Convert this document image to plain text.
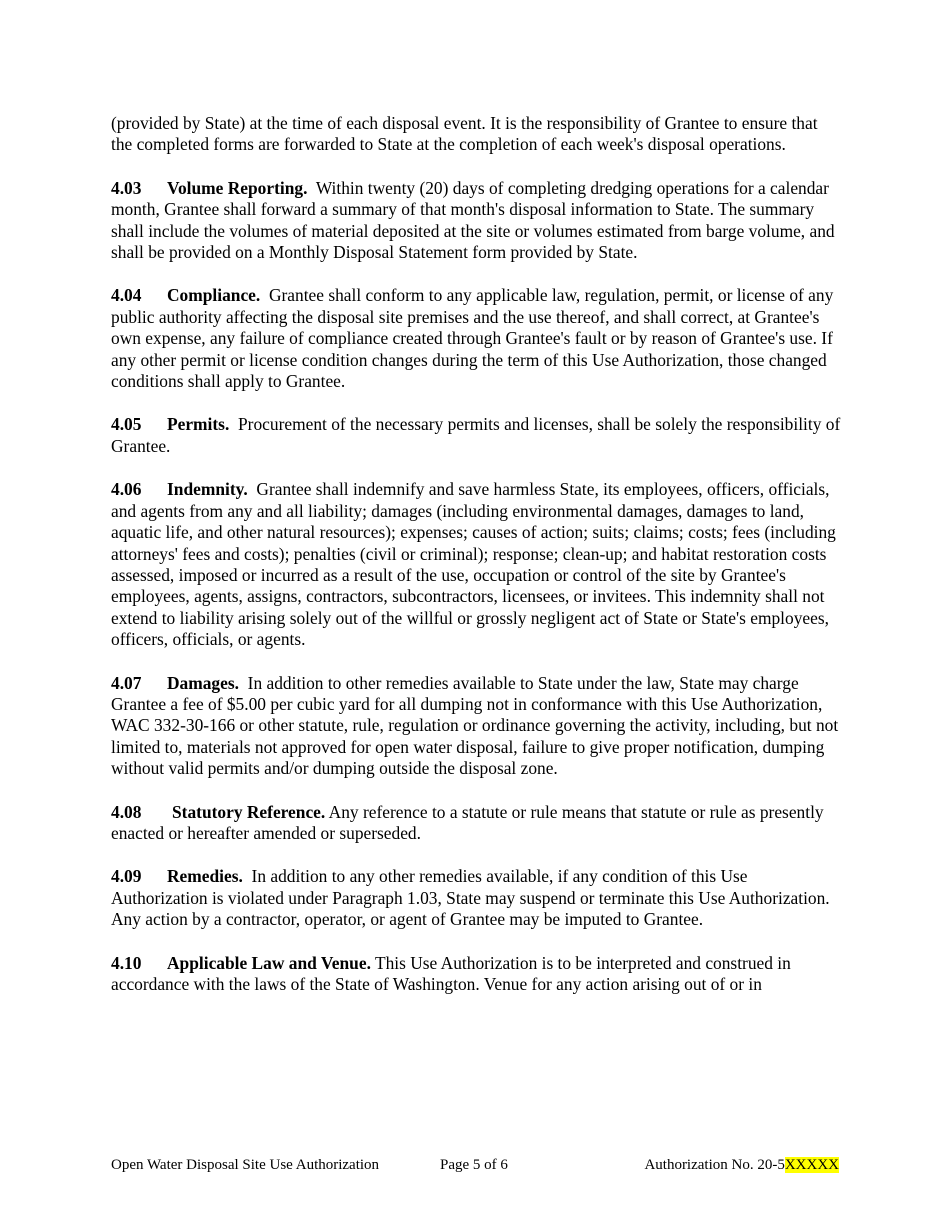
(provided by State) at the time of each disposal event. It is the responsibility of Grantee to ensure that the completed forms are forwarded to State at the completion of each week's disposal operations.

4.03 Volume Reporting. Within twenty (20) days of completing dredging operations for a calendar month, Grantee shall forward a summary of that month's disposal information to State. The summary shall include the volumes of material deposited at the site or volumes estimated from barge volume, and shall be provided on a Monthly Disposal Statement form provided by State.

4.04 Compliance. Grantee shall conform to any applicable law, regulation, permit, or license of any public authority affecting the disposal site premises and the use thereof, and shall correct, at Grantee's own expense, any failure of compliance created through Grantee's fault or by reason of Grantee's use. If any other permit or license condition changes during the term of this Use Authorization, those changed conditions shall apply to Grantee.

4.05 Permits. Procurement of the necessary permits and licenses, shall be solely the responsibility of Grantee.

4.06 Indemnity. Grantee shall indemnify and save harmless State, its employees, officers, officials, and agents from any and all liability; damages (including environmental damages, damages to land, aquatic life, and other natural resources); expenses; causes of action; suits; claims; costs; fees (including attorneys' fees and costs); penalties (civil or criminal); response; clean-up; and habitat restoration costs assessed, imposed or incurred as a result of the use, occupation or control of the site by Grantee's employees, agents, assigns, contractors, subcontractors, licensees, or invitees. This indemnity shall not extend to liability arising solely out of the willful or grossly negligent act of State or State's employees, officers, officials, or agents.

4.07 Damages. In addition to other remedies available to State under the law, State may charge Grantee a fee of $5.00 per cubic yard for all dumping not in conformance with this Use Authorization, WAC 332-30-166 or other statute, rule, regulation or ordinance governing the activity, including, but not limited to, materials not approved for open water disposal, failure to give proper notification, dumping without valid permits and/or dumping outside the disposal zone.

4.08 Statutory Reference. Any reference to a statute or rule means that statute or rule as presently enacted or hereafter amended or superseded.

4.09 Remedies. In addition to any other remedies available, if any condition of this Use Authorization is violated under Paragraph 1.03, State may suspend or terminate this Use Authorization. Any action by a contractor, operator, or agent of Grantee may be imputed to Grantee.

4.10 Applicable Law and Venue. This Use Authorization is to be interpreted and construed in accordance with the laws of the State of Washington. Venue for any action arising out of or in

Open Water Disposal Site Use Authorization	Page 5 of 6	Authorization No. 20-5XXXXX
